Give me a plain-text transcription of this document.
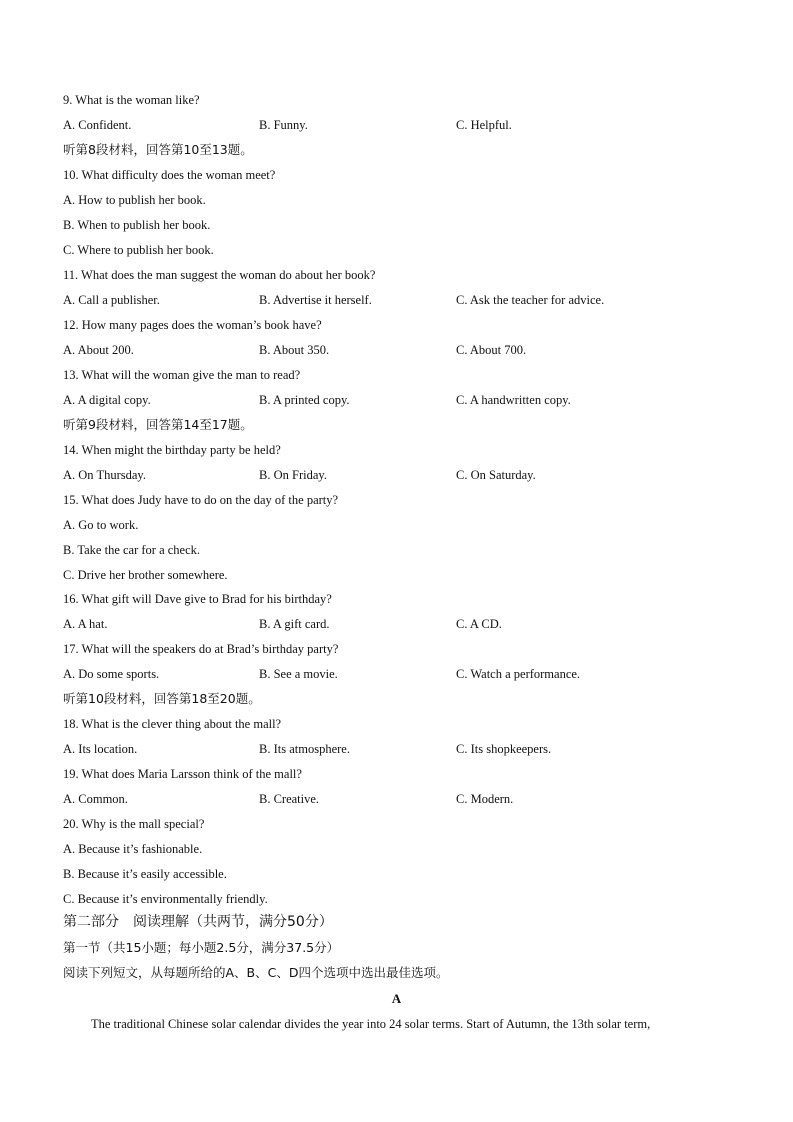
9. What is the woman like?
A. Confident.	B. Funny.	C. Helpful.
听第8段材料，回答第10至13题。
10. What difficulty does the woman meet?
A. How to publish her book.
B. When to publish her book.
C. Where to publish her book.
11. What does the man suggest the woman do about her book?
A. Call a publisher.	B. Advertise it herself.	C. Ask the teacher for advice.
12. How many pages does the woman’s book have?
A. About 200.	B. About 350.	C. About 700.
13. What will the woman give the man to read?
A. A digital copy.	B. A printed copy.	C. A handwritten copy.
听第9段材料，回答第14至17题。
14. When might the birthday party be held?
A. On Thursday.	B. On Friday.	C. On Saturday.
15. What does Judy have to do on the day of the party?
A. Go to work.
B. Take the car for a check.
C. Drive her brother somewhere.
16. What gift will Dave give to Brad for his birthday?
A. A hat.	B. A gift card.	C. A CD.
17. What will the speakers do at Brad’s birthday party?
A. Do some sports.	B. See a movie.	C. Watch a performance.
听第10段材料，回答第18至20题。
18. What is the clever thing about the mall?
A. Its location.	B. Its atmosphere.	C. Its shopkeepers.
19. What does Maria Larsson think of the mall?
A. Common.	B. Creative.	C. Modern.
20. Why is the mall special?
A. Because it’s fashionable.
B. Because it’s easily accessible.
C. Because it’s environmentally friendly.
第二部分　阅读理解（共两节，满分50分）
第一节（共15小题；每小题2.5分，满分37.5分）
阅读下列短文，从每题所给的A、B、C、D四个选项中选出最佳选项。
A
The traditional Chinese solar calendar divides the year into 24 solar terms. Start of Autumn, the 13th solar term,
